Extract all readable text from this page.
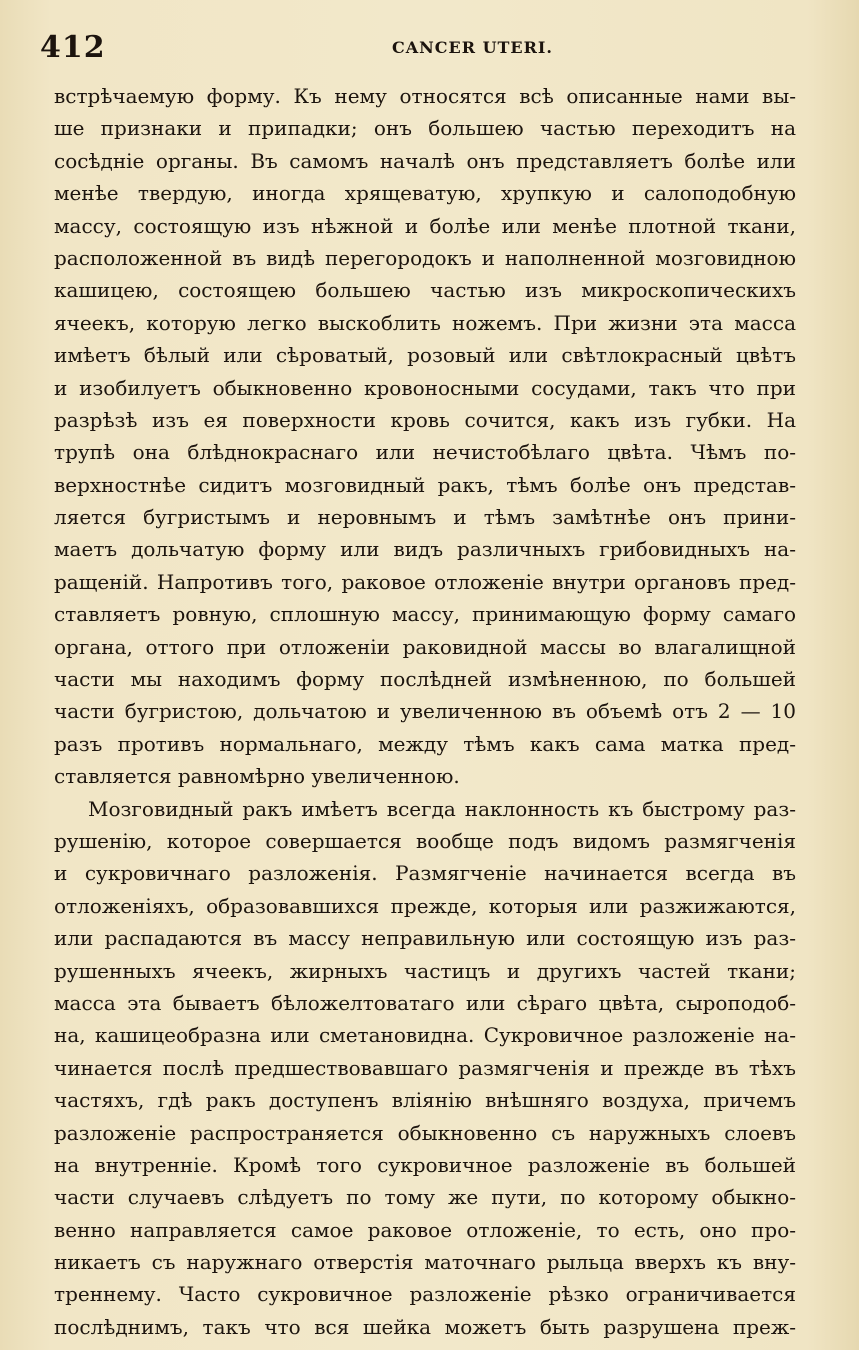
412	CANCER UTERI.
встрѣчаемую форму. Къ нему относятся всѣ описанные нами вы-
ше признаки и припадки; онъ большею частью переходитъ на
сосѣдніе органы. Въ самомъ началѣ онъ представляетъ болѣе или
менѣе твердую, иногда хрящеватую, хрупкую и салоподобную
массу, состоящую изъ нѣжной и болѣе или менѣе плотной ткани,
расположенной въ видѣ перегородокъ и наполненной мозговидною
кашицею, состоящею большею частью изъ микроскопическихъ
ячеекъ, которую легко выскоблить ножемъ. При жизни эта масса
имѣетъ бѣлый или сѣроватый, розовый или свѣтлокрасный цвѣтъ
и изобилуетъ обыкновенно кровоносными сосудами, такъ что при
разрѣзѣ изъ ея поверхности кровь сочится, какъ изъ губки. На
трупѣ она блѣднокраснаго или нечистобѣлаго цвѣта. Чѣмъ по-
верхностнѣе сидитъ мозговидный ракъ, тѣмъ болѣе онъ представ-
ляется бугристымъ и неровнымъ и тѣмъ замѣтнѣе онъ прини-
маетъ дольчатую форму или видъ различныхъ грибовидныхъ на-
ращеній. Напротивъ того, раковое отложеніе внутри органовъ пред-
ставляетъ ровную, сплошную массу, принимающую форму самаго
органа, оттого при отложеніи раковидной массы во влагалищной
части мы находимъ форму послѣдней измѣненною, по большей
части бугристою, дольчатою и увеличенною въ объемѣ отъ 2 — 10
разъ противъ нормальнаго, между тѣмъ какъ сама матка пред-
ставляется равномѣрно увеличенною.
Мозговидный ракъ имѣетъ всегда наклонность къ быстрому раз-
рушенію, которое совершается вообще подъ видомъ размягченія
и сукровичнаго разложенія. Размягченіе начинается всегда въ
отложеніяхъ, образовавшихся прежде, которыя или разжижаются,
или распадаются въ массу неправильную или состоящую изъ раз-
рушенныхъ ячеекъ, жирныхъ частицъ и другихъ частей ткани;
масса эта бываетъ бѣложелтоватаго или сѣраго цвѣта, сыроподоб-
на, кашицеобразна или сметановидна. Сукровичное разложеніе на-
чинается послѣ предшествовавшаго размягченія и прежде въ тѣхъ
частяхъ, гдѣ ракъ доступенъ вліянію внѣшняго воздуха, причемъ
разложеніе распространяется обыкновенно съ наружныхъ слоевъ
на внутренніе. Кромѣ того сукровичное разложеніе въ большей
части случаевъ слѣдуетъ по тому же пути, по которому обыкно-
венно направляется самое раковое отложеніе, то есть, оно про-
никаетъ съ наружнаго отверстія маточнаго рыльца вверхъ къ вну-
треннему. Часто сукровичное разложеніе рѣзко ограничивается
послѣднимъ, такъ что вся шейка можетъ быть разрушена преж-
